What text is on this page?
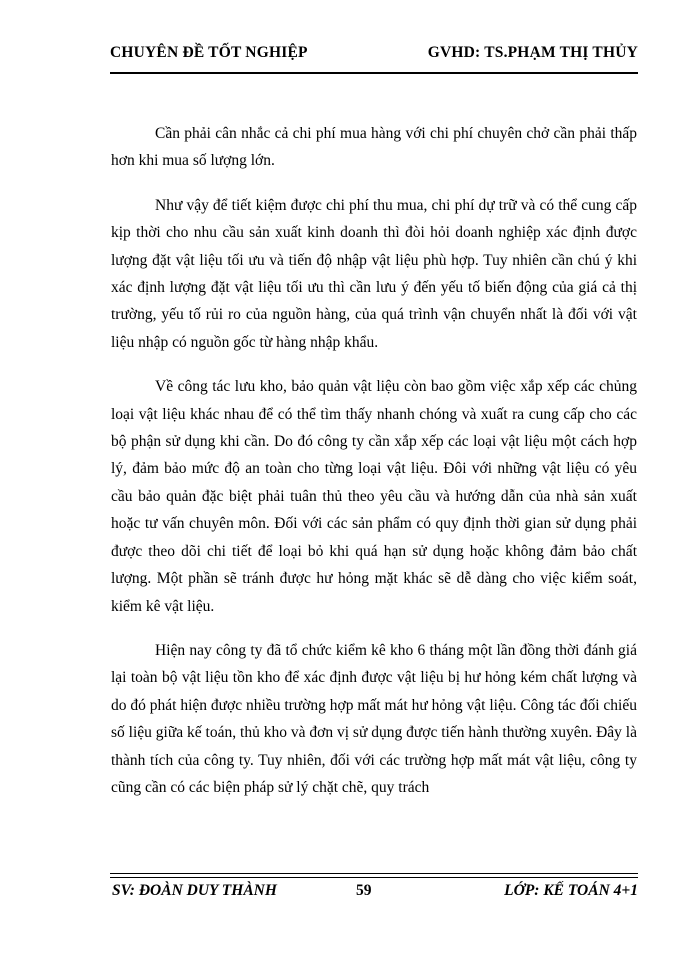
CHUYÊN ĐỀ TỐT NGHIỆP	GVHD: TS.PHẠM THỊ THỦY

Cần phải cân nhắc cả chi phí mua hàng với chi phí chuyên chở cần phải thấp hơn khi mua số lượng lớn.

Như vậy để tiết kiệm được chi phí thu mua, chi phí dự trữ và có thể cung cấp kịp thời cho nhu cầu sản xuất kinh doanh thì đòi hỏi doanh nghiệp xác định được lượng đặt vật liệu tối ưu và tiến độ nhập vật liệu phù hợp. Tuy nhiên cần chú ý khi xác định lượng đặt vật liệu tối ưu thì cần lưu ý đến yếu tố biến động của giá cả thị trường, yếu tố rủi ro của nguồn hàng, của quá trình vận chuyển nhất là đối với vật liệu nhập có nguồn gốc từ hàng nhập khẩu.

Về công tác lưu kho, bảo quản vật liệu còn bao gồm việc xắp xếp các chủng loại vật liệu khác nhau để có thể tìm thấy nhanh chóng và xuất ra cung cấp cho các bộ phận sử dụng khi cần. Do đó công ty cần xắp xếp các loại vật liệu một cách hợp lý, đảm bảo mức độ an toàn cho từng loại vật liệu. Đôi với những vật liệu có yêu cầu bảo quản đặc biệt phải tuân thủ theo yêu cầu và hướng dẫn của nhà sản xuất hoặc tư vấn chuyên môn. Đối với các sản phẩm có quy định thời gian sử dụng phải được theo dõi chi tiết để loại bỏ khi quá hạn sử dụng hoặc không đảm bảo chất lượng. Một phần sẽ tránh được hư hỏng mặt khác sẽ dễ dàng cho việc kiểm soát, kiểm kê vật liệu.

Hiện nay công ty đã tổ chức kiểm kê kho 6 tháng một lần đồng thời đánh giá lại toàn bộ vật liệu tồn kho để xác định được vật liệu bị hư hỏng kém chất lượng và do đó phát hiện được nhiều trường hợp mất mát hư hỏng vật liệu. Công tác đối chiếu số liệu giữa kế toán, thủ kho và đơn vị sử dụng được tiến hành thường xuyên. Đây là thành tích của công ty. Tuy nhiên, đối với các trường hợp mất mát vật liệu, công ty cũng cần có các biện pháp sử lý chặt chẽ, quy trách

SV: ĐOÀN DUY THÀNH	59	LỚP: KẾ TOÁN 4+1
